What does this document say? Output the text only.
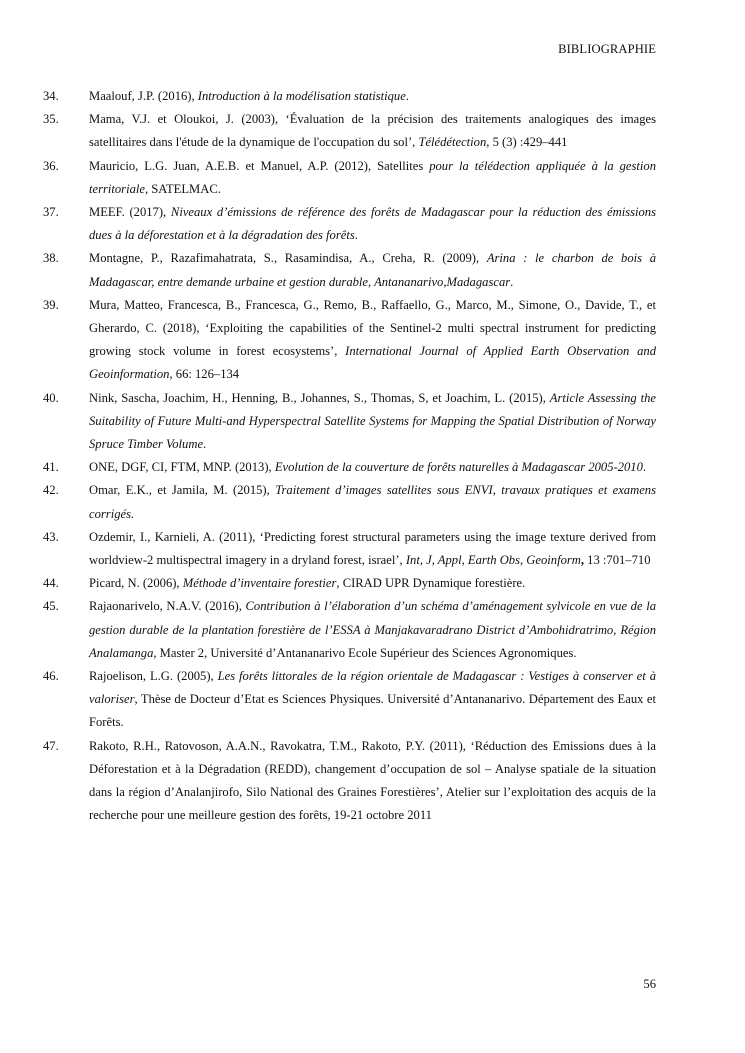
BIBLIOGRAPHIE
34. Maalouf, J.P. (2016), Introduction à la modélisation statistique.
35. Mama, V.J. et Oloukoi, J. (2003), ‘Évaluation de la précision des traitements analogiques des images satellitaires dans l'étude de la dynamique de l'occupation du sol’, Télédétection, 5 (3) :429–441
36. Mauricio, L.G. Juan, A.E.B. et Manuel, A.P. (2012), Satellites pour la télédection appliquée à la gestion territoriale, SATELMAC.
37. MEEF. (2017), Niveaux d’émissions de référence des forêts de Madagascar pour la réduction des émissions dues à la déforestation et à la dégradation des forêts.
38. Montagne, P., Razafimahatrata, S., Rasamindisa, A., Creha, R. (2009), Arina : le charbon de bois à Madagascar, entre demande urbaine et gestion durable, Antananarivo,Madagascar.
39. Mura, Matteo, Francesca, B., Francesca, G., Remo, B., Raffaello, G., Marco, M., Simone, O., Davide, T., et Gherardo, C. (2018), ‘Exploiting the capabilities of the Sentinel-2 multi spectral instrument for predicting growing stock volume in forest ecosystems’, International Journal of Applied Earth Observation and Geoinformation, 66: 126–134
40. Nink, Sascha, Joachim, H., Henning, B., Johannes, S., Thomas, S, et Joachim, L. (2015), Article Assessing the Suitability of Future Multi-and Hyperspectral Satellite Systems for Mapping the Spatial Distribution of Norway Spruce Timber Volume.
41. ONE, DGF, CI, FTM, MNP. (2013), Evolution de la couverture de forêts naturelles à Madagascar 2005-2010.
42. Omar, E.K., et Jamila, M. (2015), Traitement d’images satellites sous ENVI, travaux pratiques et examens corrigés.
43. Ozdemir, I., Karnieli, A. (2011), ‘Predicting forest structural parameters using the image texture derived from worldview-2 multispectral imagery in a dryland forest, israel’, Int, J, Appl, Earth Obs, Geoinform, 13 :701–710
44. Picard, N. (2006), Méthode d’inventaire forestier, CIRAD UPR Dynamique forestière.
45. Rajaonarivelo, N.A.V. (2016), Contribution à l’élaboration d’un schéma d’aménagement sylvicole en vue de la gestion durable de la plantation forestière de l’ESSA à Manjakavaradrano District d’Ambohidratrimo, Région Analamanga, Master 2, Université d’Antananarivo Ecole Supérieur des Sciences Agronomiques.
46. Rajoelison, L.G. (2005), Les forêts littorales de la région orientale de Madagascar : Vestiges à conserver et à valoriser, Thèse de Docteur d’Etat es Sciences Physiques. Université d’Antananarivo. Département des Eaux et Forêts.
47. Rakoto, R.H., Ratovoson, A.A.N., Ravokatra, T.M., Rakoto, P.Y. (2011), ‘Réduction des Emissions dues à la Déforestation et à la Dégradation (REDD), changement d’occupation de sol – Analyse spatiale de la situation dans la région d’Analanjirofo, Silo National des Graines Forestières’, Atelier sur l’exploitation des acquis de la recherche pour une meilleure gestion des forêts, 19-21 octobre 2011
56
